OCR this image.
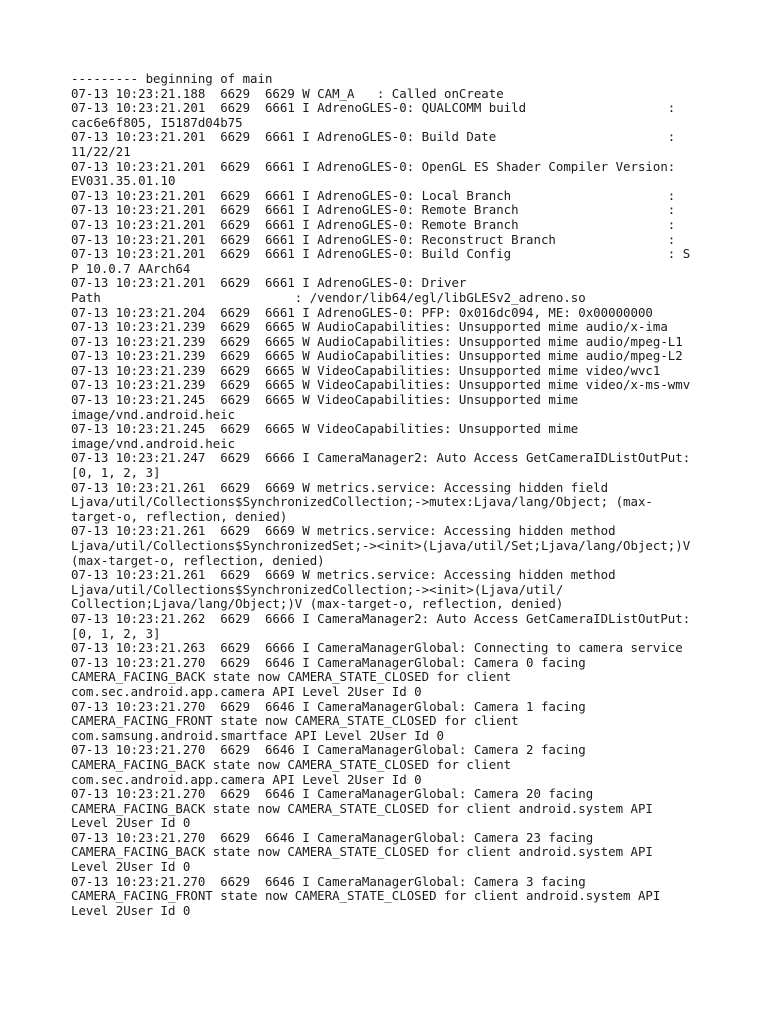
--------- beginning of main
07-13 10:23:21.188  6629  6629 W CAM_A   : Called onCreate
07-13 10:23:21.201  6629  6661 I AdrenoGLES-0: QUALCOMM build                   :
cac6e6f805, I5187d04b75
07-13 10:23:21.201  6629  6661 I AdrenoGLES-0: Build Date                       :
11/22/21
07-13 10:23:21.201  6629  6661 I AdrenoGLES-0: OpenGL ES Shader Compiler Version:
EV031.35.01.10
07-13 10:23:21.201  6629  6661 I AdrenoGLES-0: Local Branch                     :
07-13 10:23:21.201  6629  6661 I AdrenoGLES-0: Remote Branch                    :
07-13 10:23:21.201  6629  6661 I AdrenoGLES-0: Remote Branch                    :
07-13 10:23:21.201  6629  6661 I AdrenoGLES-0: Reconstruct Branch               :
07-13 10:23:21.201  6629  6661 I AdrenoGLES-0: Build Config                     : S
P 10.0.7 AArch64
07-13 10:23:21.201  6629  6661 I AdrenoGLES-0: Driver
Path                          : /vendor/lib64/egl/libGLESv2_adreno.so
07-13 10:23:21.204  6629  6661 I AdrenoGLES-0: PFP: 0x016dc094, ME: 0x00000000
07-13 10:23:21.239  6629  6665 W AudioCapabilities: Unsupported mime audio/x-ima
07-13 10:23:21.239  6629  6665 W AudioCapabilities: Unsupported mime audio/mpeg-L1
07-13 10:23:21.239  6629  6665 W AudioCapabilities: Unsupported mime audio/mpeg-L2
07-13 10:23:21.239  6629  6665 W VideoCapabilities: Unsupported mime video/wvc1
07-13 10:23:21.239  6629  6665 W VideoCapabilities: Unsupported mime video/x-ms-wmv
07-13 10:23:21.245  6629  6665 W VideoCapabilities: Unsupported mime
image/vnd.android.heic
07-13 10:23:21.245  6629  6665 W VideoCapabilities: Unsupported mime
image/vnd.android.heic
07-13 10:23:21.247  6629  6666 I CameraManager2: Auto Access GetCameraIDListOutPut:
[0, 1, 2, 3]
07-13 10:23:21.261  6629  6669 W metrics.service: Accessing hidden field
Ljava/util/Collections$SynchronizedCollection;->mutex:Ljava/lang/Object; (max-
target-o, reflection, denied)
07-13 10:23:21.261  6629  6669 W metrics.service: Accessing hidden method
Ljava/util/Collections$SynchronizedSet;-><init>(Ljava/util/Set;Ljava/lang/Object;)V
(max-target-o, reflection, denied)
07-13 10:23:21.261  6629  6669 W metrics.service: Accessing hidden method
Ljava/util/Collections$SynchronizedCollection;-><init>(Ljava/util/
Collection;Ljava/lang/Object;)V (max-target-o, reflection, denied)
07-13 10:23:21.262  6629  6666 I CameraManager2: Auto Access GetCameraIDListOutPut:
[0, 1, 2, 3]
07-13 10:23:21.263  6629  6666 I CameraManagerGlobal: Connecting to camera service
07-13 10:23:21.270  6629  6646 I CameraManagerGlobal: Camera 0 facing
CAMERA_FACING_BACK state now CAMERA_STATE_CLOSED for client
com.sec.android.app.camera API Level 2User Id 0
07-13 10:23:21.270  6629  6646 I CameraManagerGlobal: Camera 1 facing
CAMERA_FACING_FRONT state now CAMERA_STATE_CLOSED for client
com.samsung.android.smartface API Level 2User Id 0
07-13 10:23:21.270  6629  6646 I CameraManagerGlobal: Camera 2 facing
CAMERA_FACING_BACK state now CAMERA_STATE_CLOSED for client
com.sec.android.app.camera API Level 2User Id 0
07-13 10:23:21.270  6629  6646 I CameraManagerGlobal: Camera 20 facing
CAMERA_FACING_BACK state now CAMERA_STATE_CLOSED for client android.system API
Level 2User Id 0
07-13 10:23:21.270  6629  6646 I CameraManagerGlobal: Camera 23 facing
CAMERA_FACING_BACK state now CAMERA_STATE_CLOSED for client android.system API
Level 2User Id 0
07-13 10:23:21.270  6629  6646 I CameraManagerGlobal: Camera 3 facing
CAMERA_FACING_FRONT state now CAMERA_STATE_CLOSED for client android.system API
Level 2User Id 0
